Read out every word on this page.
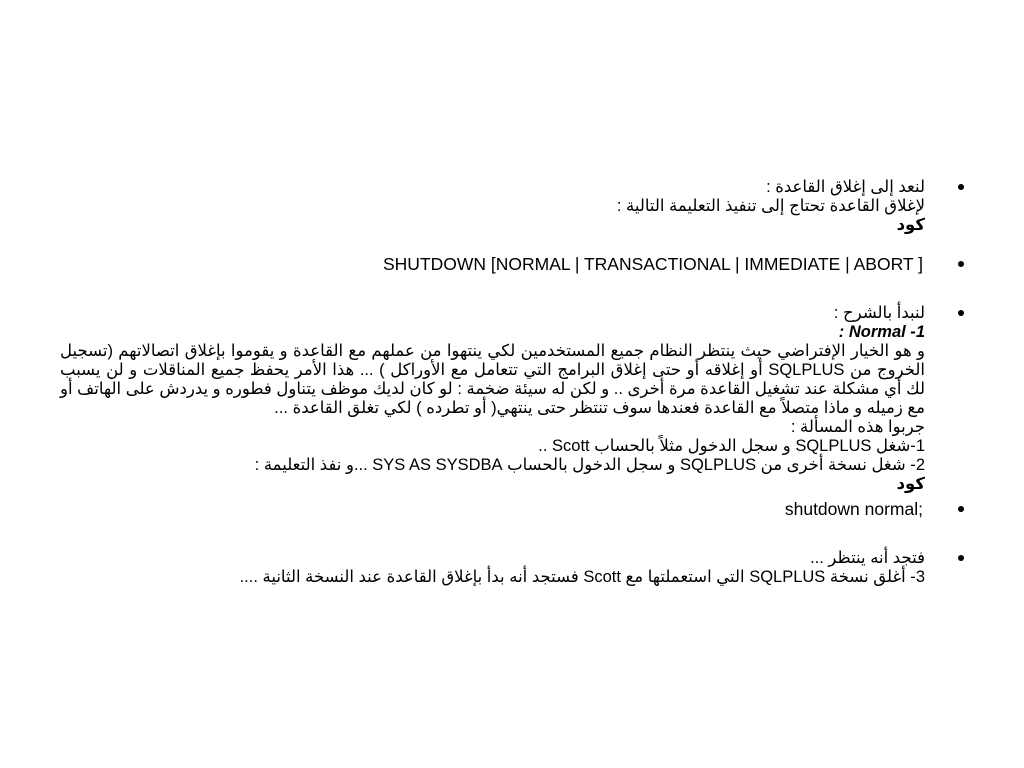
لنعد إلى إغلاق القاعدة :
لإغلاق القاعدة تحتاج إلى تنفيذ التعليمة التالية :
كود
SHUTDOWN [NORMAL | TRANSACTIONAL | IMMEDIATE | ABORT ]
لنبدأ بالشرح :
1- Normal :
و هو الخيار الإفتراضي حيث ينتظر النظام جميع المستخدمين لكي ينتهوا من عملهم مع القاعدة و يقوموا بإغلاق اتصالاتهم (تسجيل الخروج من SQLPLUS أو إغلاقه أو حتى إغلاق البرامج التي تتعامل مع الأوراكل ) ... هذا الأمر يحفظ جميع المناقلات و لن يسبب لك أي مشكلة عند تشغيل القاعدة مرة أخرى .. و لكن له سيئة ضخمة : لو كان لديك موظف يتناول فطوره و يدردش على الهاتف أو مع زميله و ماذا متصلاً مع القاعدة فعندها سوف تنتظر حتى ينتهي( أو تطرده ) لكي تغلق القاعدة ...
جربوا هذه المسألة :
1-شغل SQLPLUS و سجل الدخول مثلاً بالحساب Scott ..
2- شغل نسخة أخرى من SQLPLUS و سجل الدخول بالحساب SYS AS SYSDBA ...و نفذ التعليمة :
كود
shutdown normal;
فتجد أنه ينتظر ...
3- أغلق نسخة SQLPLUS التي استعملتها مع Scott فستجد أنه بدأ بإغلاق القاعدة عند النسخة الثانية ....
